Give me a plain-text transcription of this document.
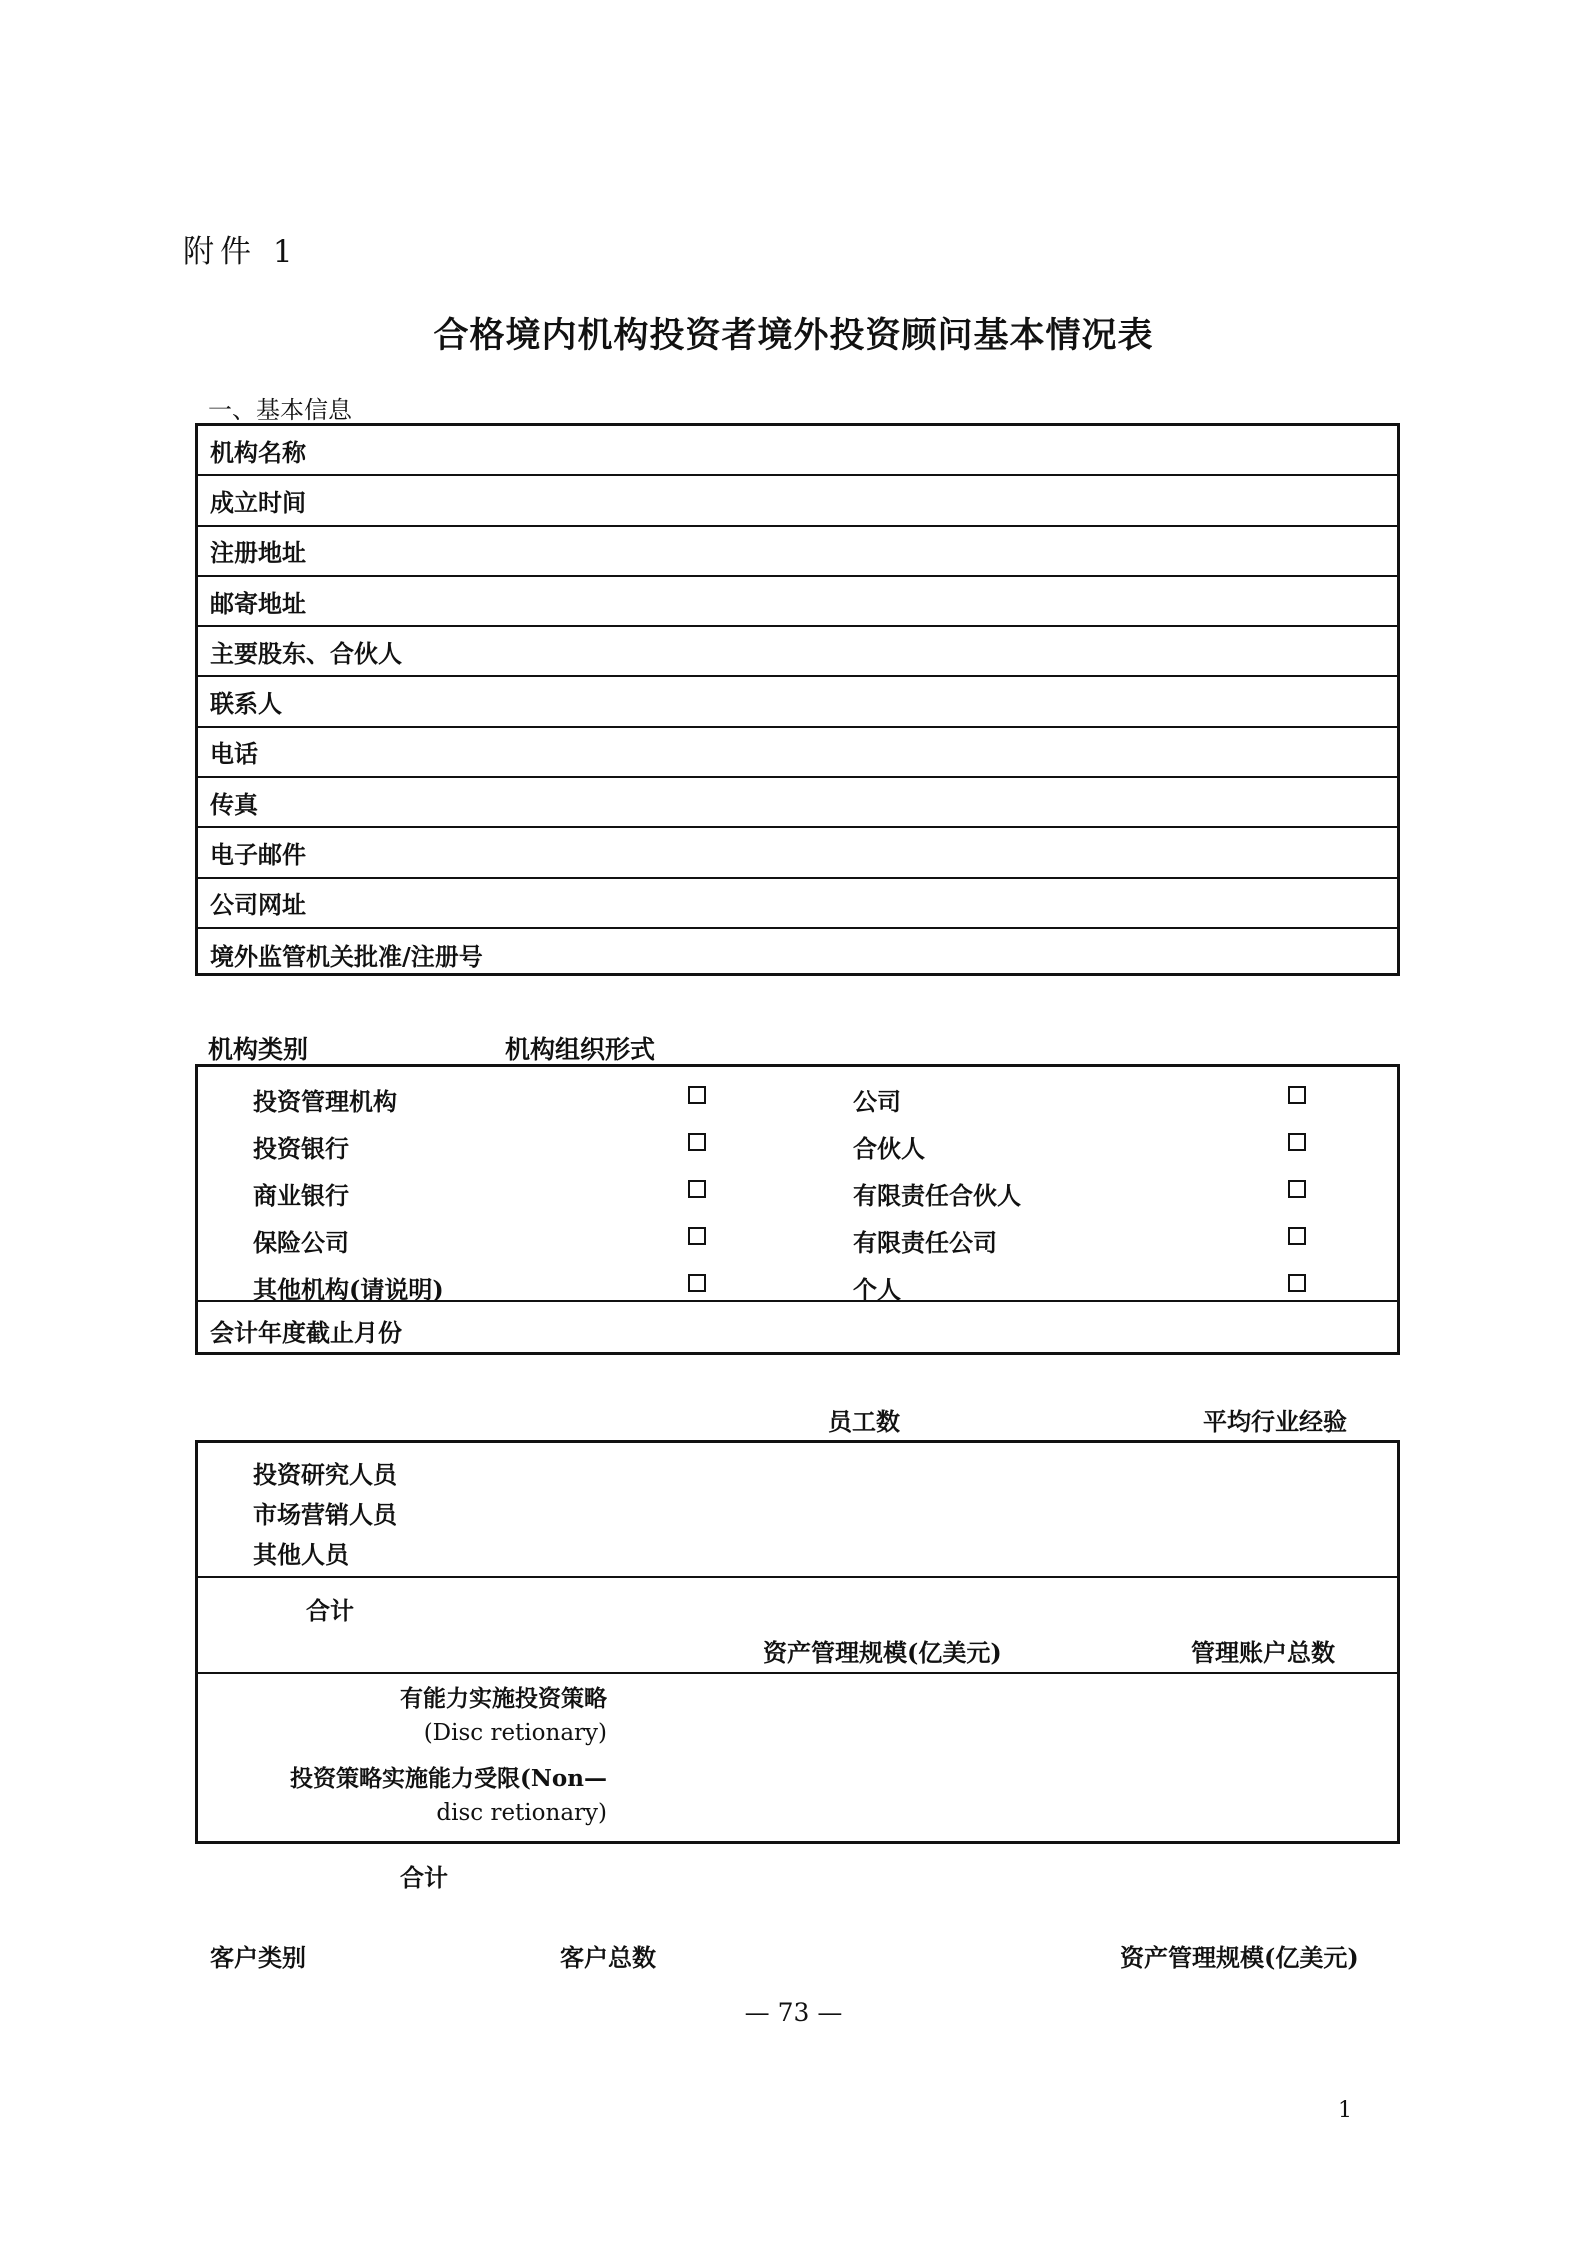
附件 1
合格境内机构投资者境外投资顾问基本情况表
一、基本信息
机构名称
成立时间
注册地址
邮寄地址
主要股东、合伙人
联系人
电话
传真
电子邮件
公司网址
境外监管机关批准/注册号
机构类别	机构组织形式
投资管理机构	公司
投资银行	合伙人
商业银行	有限责任合伙人
保险公司	有限责任公司
其他机构(请说明)	个人
会计年度截止月份
员工数	平均行业经验
投资研究人员
市场营销人员
其他人员
合计
资产管理规模(亿美元)	管理账户总数
有能力实施投资策略
(Disc retionary)
投资策略实施能力受限(Non—
disc retionary)
合计
客户类别	客户总数	资产管理规模(亿美元)
— 73 —
1
